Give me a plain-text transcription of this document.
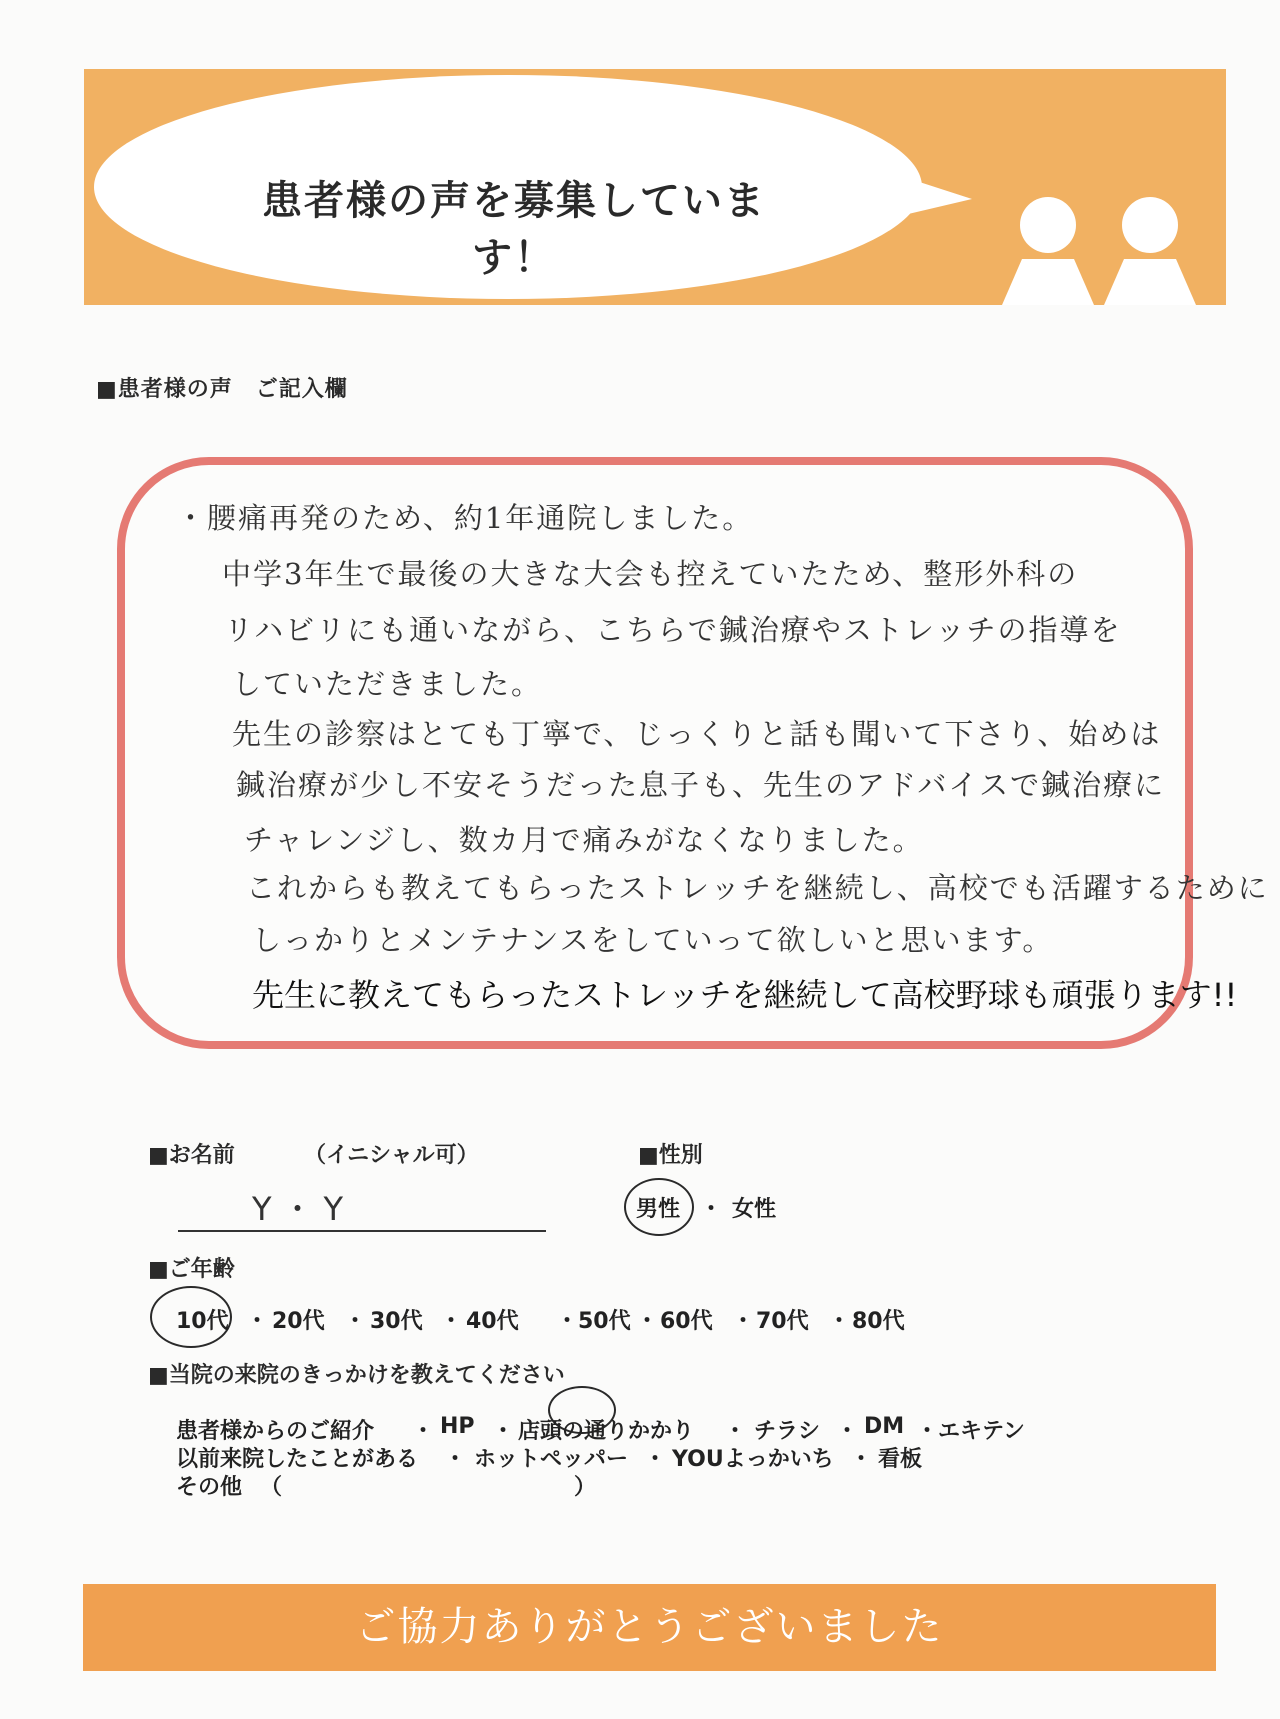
患者様の声を募集しています！
■患者様の声　ご記入欄
・腰痛再発のため、約1年通院しました。
中学3年生で最後の大きな大会も控えていたため、整形外科の
リハビリにも通いながら、こちらで鍼治療やストレッチの指導を
していただきました。
先生の診察はとても丁寧で、じっくりと話も聞いて下さり、始めは
鍼治療が少し不安そうだった息子も、先生のアドバイスで鍼治療に
チャレンジし、数カ月で痛みがなくなりました。
これからも教えてもらったストレッチを継続し、高校でも活躍するために
しっかりとメンテナンスをしていって欲しいと思います。
先生に教えてもらったストレッチを継続して高校野球も頑張ります!!
■お名前	（イニシャル可）
Y・Y
■性別
男性 ・ 女性
■ご年齢
10代 ・ 20代 ・ 30代 ・ 40代 ・50代 ・ 60代 ・ 70代 ・ 80代
■当院の来院のきっかけを教えてください
患者様からのご紹介 ・ HP ・ 店頭の通りかかり ・ チラシ ・ DM ・エキテン
以前来院したことがある ・ ホットペッパー ・ YOUよっかいち ・ 看板
その他 （	）
ご協力ありがとうございました
